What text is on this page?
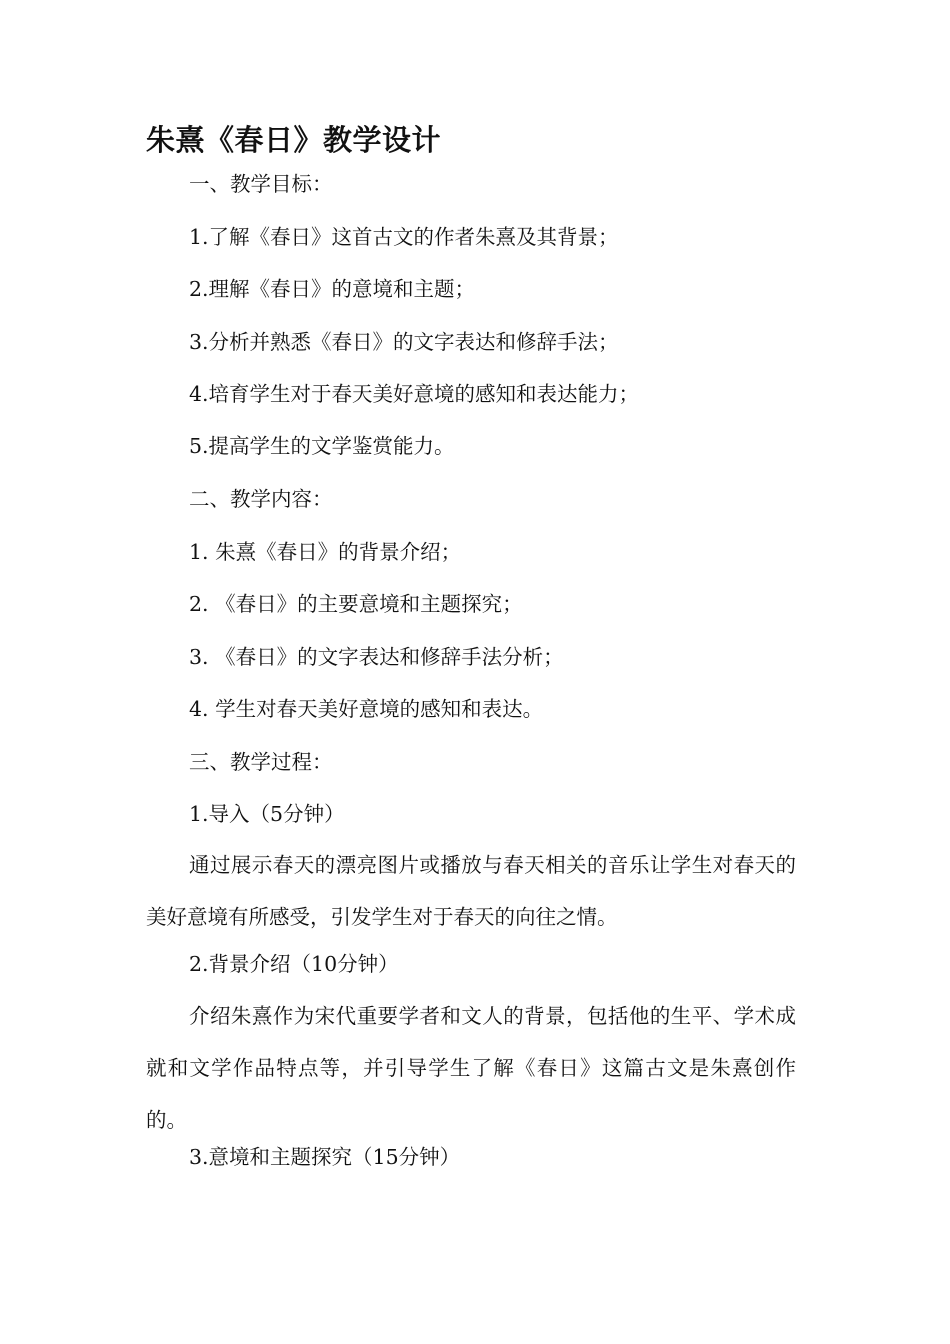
朱熹《春日》教学设计

一、教学目标：

1.了解《春日》这首古文的作者朱熹及其背景；

2.理解《春日》的意境和主题；

3.分析并熟悉《春日》的文字表达和修辞手法；

4.培育学生对于春天美好意境的感知和表达能力；

5.提高学生的文学鉴赏能力。

二、教学内容：

1. 朱熹《春日》的背景介绍；

2. 《春日》的主要意境和主题探究；

3. 《春日》的文字表达和修辞手法分析；

4. 学生对春天美好意境的感知和表达。

三、教学过程：

1.导入（5分钟）

通过展示春天的漂亮图片或播放与春天相关的音乐让学生对春天的美好意境有所感受，引发学生对于春天的向往之情。

2.背景介绍（10分钟）

介绍朱熹作为宋代重要学者和文人的背景，包括他的生平、学术成就和文学作品特点等，并引导学生了解《春日》这篇古文是朱熹创作的。

3.意境和主题探究（15分钟）
